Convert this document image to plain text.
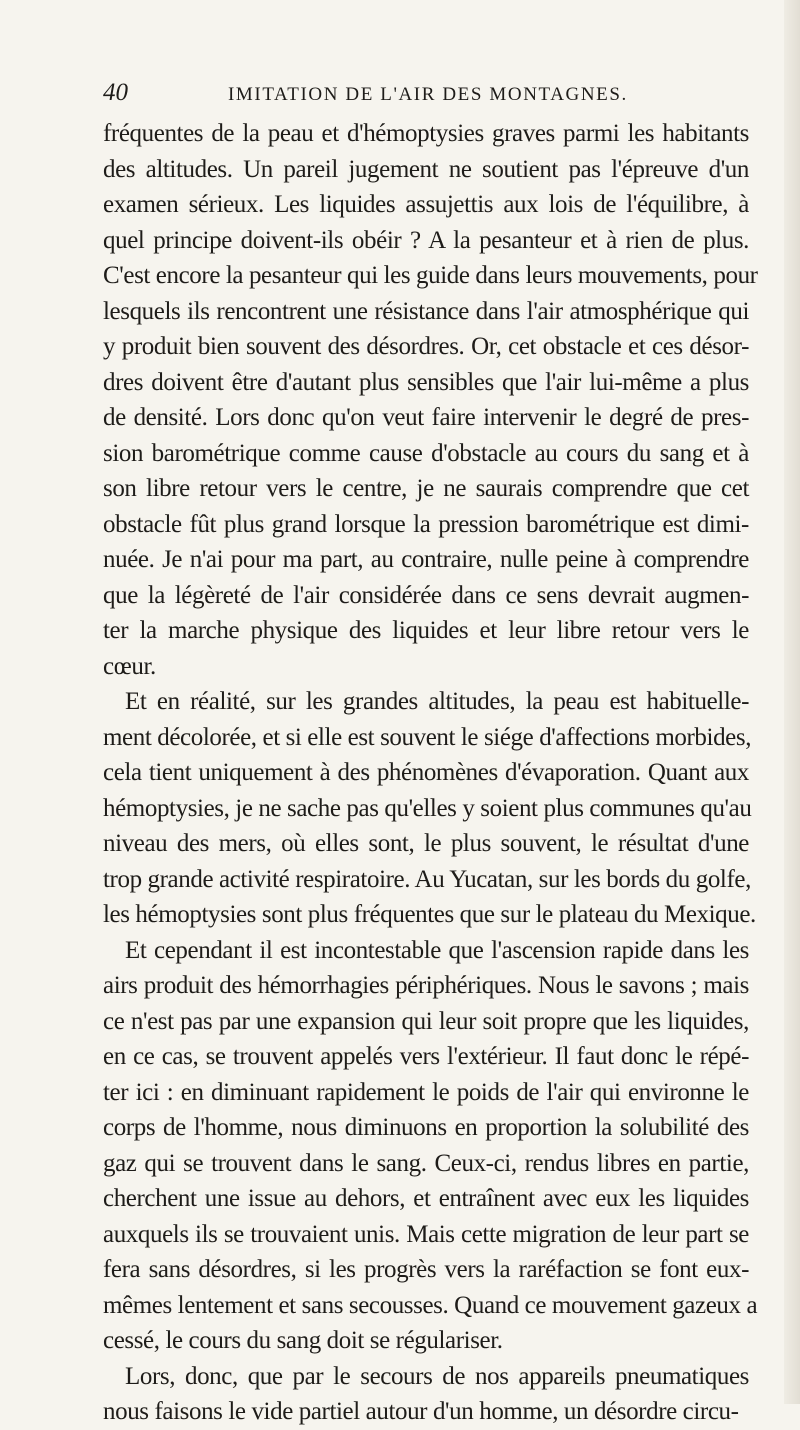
40	IMITATION DE L'AIR DES MONTAGNES.
fréquentes de la peau et d'hémoptysies graves parmi les habitants
des altitudes. Un pareil jugement ne soutient pas l'épreuve d'un
examen sérieux. Les liquides assujettis aux lois de l'équilibre, à
quel principe doivent-ils obéir ? A la pesanteur et à rien de plus.
C'est encore la pesanteur qui les guide dans leurs mouvements, pour
lesquels ils rencontrent une résistance dans l'air atmosphérique qui
y produit bien souvent des désordres. Or, cet obstacle et ces désor-
dres doivent être d'autant plus sensibles que l'air lui-même a plus
de densité. Lors donc qu'on veut faire intervenir le degré de pres-
sion barométrique comme cause d'obstacle au cours du sang et à
son libre retour vers le centre, je ne saurais comprendre que cet
obstacle fût plus grand lorsque la pression barométrique est dimi-
nuée. Je n'ai pour ma part, au contraire, nulle peine à comprendre
que la légèreté de l'air considérée dans ce sens devrait augmen-
ter la marche physique des liquides et leur libre retour vers le
cœur.
Et en réalité, sur les grandes altitudes, la peau est habituelle-
ment décolorée, et si elle est souvent le siége d'affections morbides,
cela tient uniquement à des phénomènes d'évaporation. Quant aux
hémoptysies, je ne sache pas qu'elles y soient plus communes qu'au
niveau des mers, où elles sont, le plus souvent, le résultat d'une
trop grande activité respiratoire. Au Yucatan, sur les bords du golfe,
les hémoptysies sont plus fréquentes que sur le plateau du Mexique.
Et cependant il est incontestable que l'ascension rapide dans les
airs produit des hémorrhagies périphériques. Nous le savons ; mais
ce n'est pas par une expansion qui leur soit propre que les liquides,
en ce cas, se trouvent appelés vers l'extérieur. Il faut donc le répé-
ter ici : en diminuant rapidement le poids de l'air qui environne le
corps de l'homme, nous diminuons en proportion la solubilité des
gaz qui se trouvent dans le sang. Ceux-ci, rendus libres en partie,
cherchent une issue au dehors, et entraînent avec eux les liquides
auxquels ils se trouvaient unis. Mais cette migration de leur part se
fera sans désordres, si les progrès vers la raréfaction se font eux-
mêmes lentement et sans secousses. Quand ce mouvement gazeux a
cessé, le cours du sang doit se régulariser.
Lors, donc, que par le secours de nos appareils pneumatiques
nous faisons le vide partiel autour d'un homme, un désordre circu-
